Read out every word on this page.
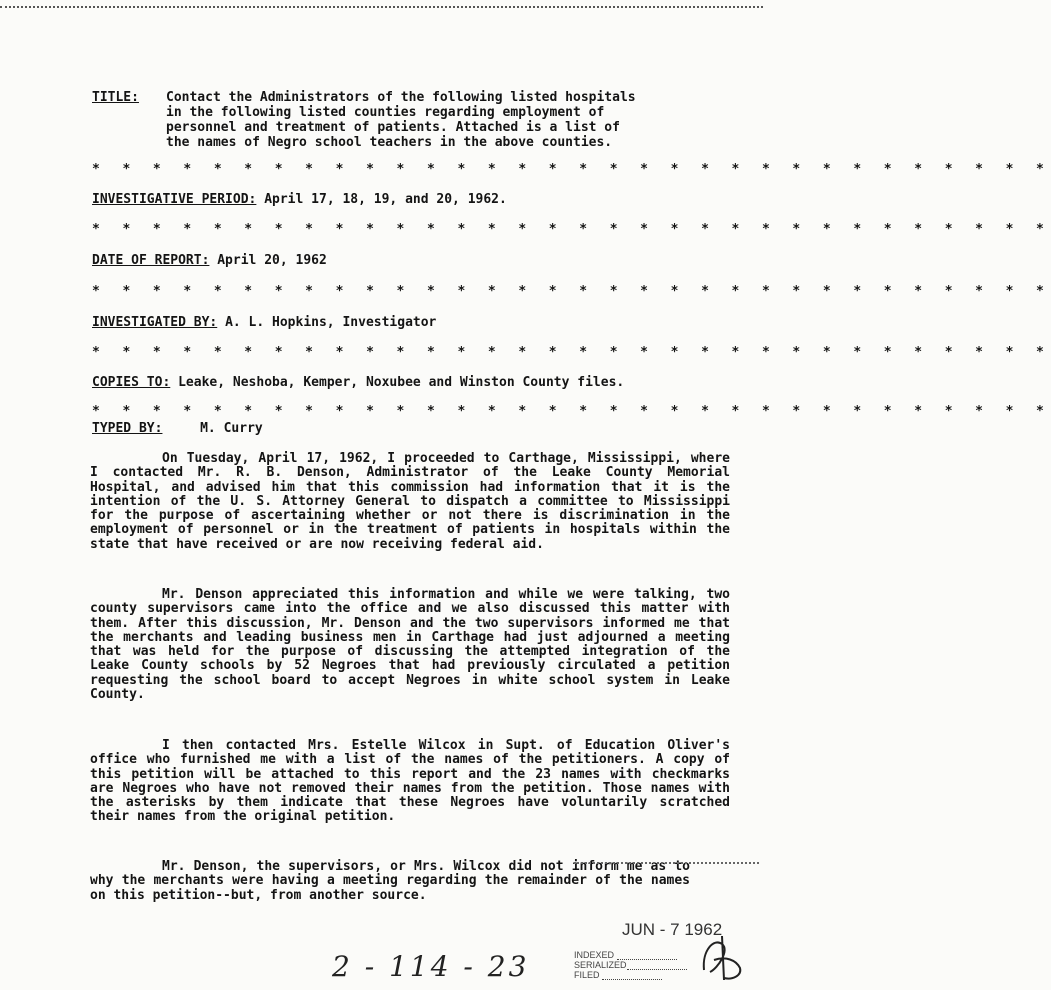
TITLE: Contact the Administrators of the following listed hospitals
in the following listed counties regarding employment of
personnel and treatment of patients. Attached is a list of
the names of Negro school teachers in the above counties.
* * * * * * * * * * * * * * * * * * * * * * * * * * * * * * * *
INVESTIGATIVE PERIOD: April 17, 18, 19, and 20, 1962.
* * * * * * * * * * * * * * * * * * * * * * * * * * * * * * * *
DATE OF REPORT: April 20, 1962
* * * * * * * * * * * * * * * * * * * * * * * * * * * * * * * *
INVESTIGATED BY: A. L. Hopkins, Investigator
* * * * * * * * * * * * * * * * * * * * * * * * * * * * * * * *
COPIES TO: Leake, Neshoba, Kemper, Noxubee and Winston County files.
* * * * * * * * * * * * * * * * * * * * * * * * * * * * * * * *
TYPED BY:	M. Curry

On Tuesday, April 17, 1962, I proceeded to Carthage, Mississippi, where I contacted Mr. R. B. Denson, Administrator of the Leake County Memorial Hospital, and advised him that this commission had information that it is the intention of the U. S. Attorney General to dispatch a committee to Mississippi for the purpose of ascertaining whether or not there is discrimination in the employment of personnel or in the treatment of patients in hospitals within the state that have received or are now receiving federal aid.

Mr. Denson appreciated this information and while we were talking, two county supervisors came into the office and we also discussed this matter with them. After this discussion, Mr. Denson and the two supervisors informed me that the merchants and leading business men in Carthage had just adjourned a meeting that was held for the purpose of discussing the attempted integration of the Leake County schools by 52 Negroes that had previously circulated a petition requesting the school board to accept Negroes in white school system in Leake County.

I then contacted Mrs. Estelle Wilcox in Supt. of Education Oliver's office who furnished me with a list of the names of the petitioners. A copy of this petition will be attached to this report and the 23 names with checkmarks are Negroes who have not removed their names from the petition. Those names with the asterisks by them indicate that these Negroes have voluntarily scratched their names from the original petition.

Mr. Denson, the supervisors, or Mrs. Wilcox did not inform me as to why the merchants were having a meeting regarding the remainder of the names on this petition--but, from another source.

JUN - 7 1962
INDEXED
SERIALIZED
FILED
2 - 114 - 23
